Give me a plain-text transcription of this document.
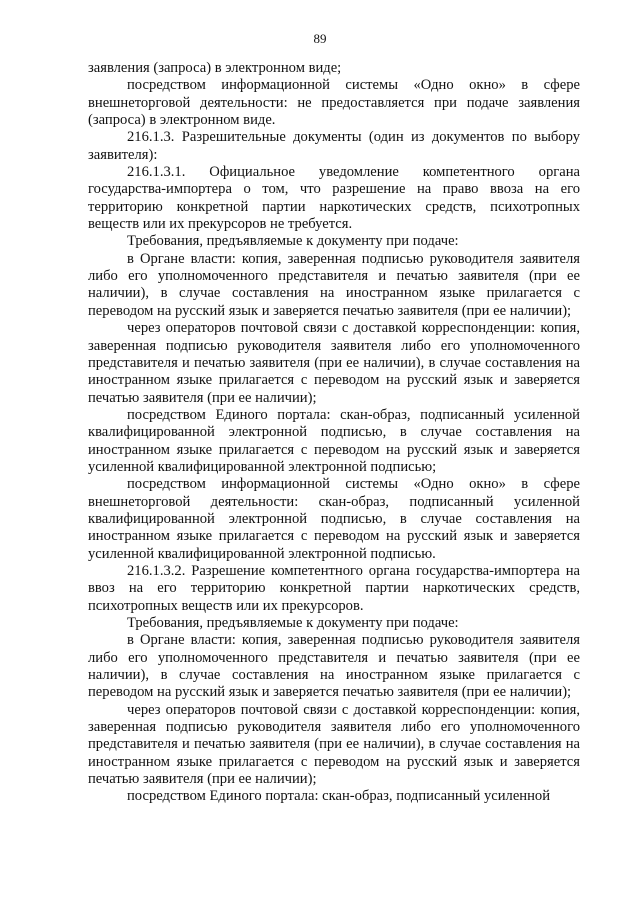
89

заявления (запроса) в электронном виде;

посредством информационной системы «Одно окно» в сфере внешнеторговой деятельности: не предоставляется при подаче заявления (запроса) в электронном виде.

216.1.3. Разрешительные документы (один из документов по выбору заявителя):

216.1.3.1. Официальное уведомление компетентного органа государства-импортера о том, что разрешение на право ввоза на его территорию конкретной партии наркотических средств, психотропных веществ или их прекурсоров не требуется.

Требования, предъявляемые к документу при подаче:

в Органе власти: копия, заверенная подписью руководителя заявителя либо его уполномоченного представителя и печатью заявителя (при ее наличии), в случае составления на иностранном языке прилагается с переводом на русский язык и заверяется печатью заявителя (при ее наличии);

через операторов почтовой связи с доставкой корреспонденции: копия, заверенная подписью руководителя заявителя либо его уполномоченного представителя и печатью заявителя (при ее наличии), в случае составления на иностранном языке прилагается с переводом на русский язык и заверяется печатью заявителя (при ее наличии);

посредством Единого портала: скан-образ, подписанный усиленной квалифицированной электронной подписью, в случае составления на иностранном языке прилагается с переводом на русский язык и заверяется усиленной квалифицированной электронной подписью;

посредством информационной системы «Одно окно» в сфере внешнеторговой деятельности: скан-образ, подписанный усиленной квалифицированной электронной подписью, в случае составления на иностранном языке прилагается с переводом на русский язык и заверяется усиленной квалифицированной электронной подписью.

216.1.3.2. Разрешение компетентного органа государства-импортера на ввоз на его территорию конкретной партии наркотических средств, психотропных веществ или их прекурсоров.

Требования, предъявляемые к документу при подаче:

в Органе власти: копия, заверенная подписью руководителя заявителя либо его уполномоченного представителя и печатью заявителя (при ее наличии), в случае составления на иностранном языке прилагается с переводом на русский язык и заверяется печатью заявителя (при ее наличии);

через операторов почтовой связи с доставкой корреспонденции: копия, заверенная подписью руководителя заявителя либо его уполномоченного представителя и печатью заявителя (при ее наличии), в случае составления на иностранном языке прилагается с переводом на русский язык и заверяется печатью заявителя (при ее наличии);

посредством Единого портала: скан-образ, подписанный усиленной
